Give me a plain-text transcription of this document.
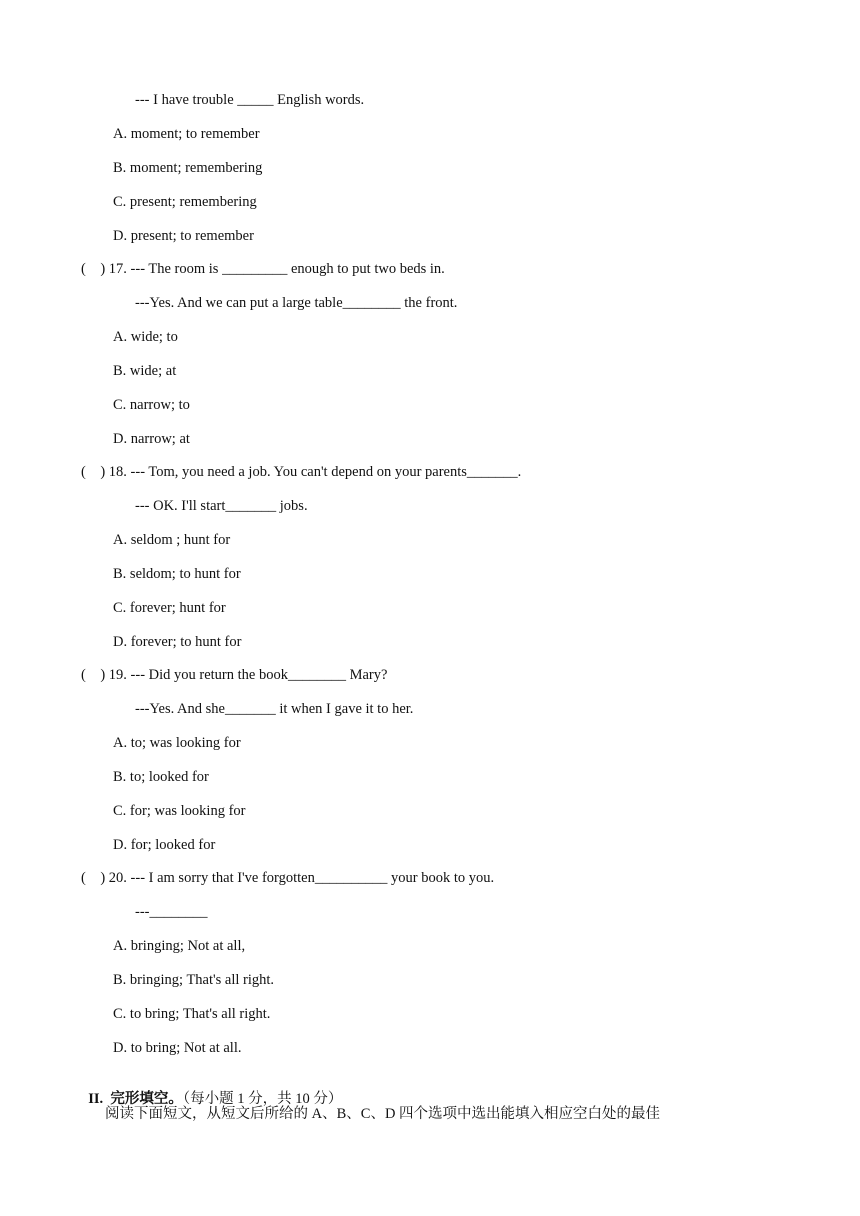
--- I have trouble _____ English words.
A. moment; to remember
B. moment; remembering
C. present; remembering
D. present; to remember
(    ) 17. --- The room is _________ enough to put two beds in.
---Yes. And we can put a large table________ the front.
A. wide; to
B. wide; at
C. narrow; to
D. narrow; at
(    ) 18. --- Tom, you need a job. You can't depend on your parents_______.
--- OK. I'll start_______ jobs.
A. seldom ; hunt for
B. seldom; to hunt for
C. forever; hunt for
D. forever; to hunt for
(    ) 19. --- Did you return the book________ Mary?
---Yes. And she_______ it when I gave it to her.
A. to; was looking for
B. to; looked for
C. for; was looking for
D. for; looked for
(    ) 20. --- I am sorry that I've forgotten__________ your book to you.
---________
A. bringing; Not at all,
B. bringing; That's all right.
C. to bring; That's all right.
D. to bring; Not at all.

II. 完形填空。（每小题 1 分，共 10 分）

阅读下面短文，从短文后所给的 A、B、C、D 四个选项中选出能填入相应空白处的最佳
